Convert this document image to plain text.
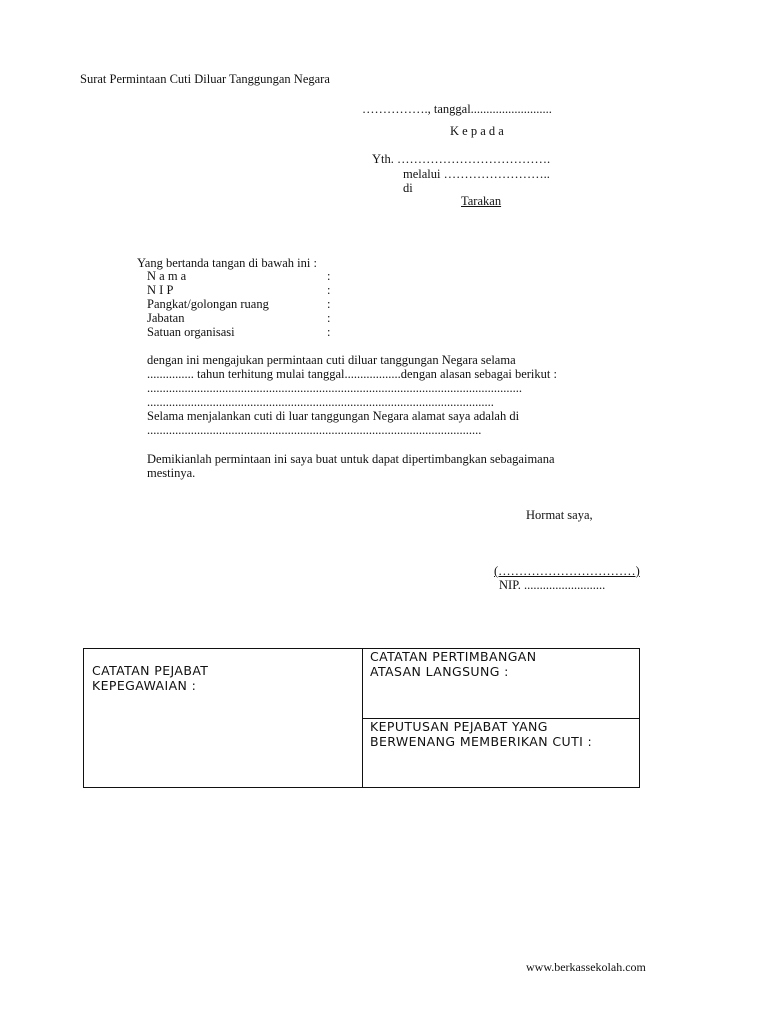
Surat Permintaan Cuti Diluar Tanggungan Negara
……………., tanggal..........................
K e p a d a
Yth. ……………………………….
melalui ……………………..
di
Tarakan
Yang bertanda tangan di bawah ini :
N a m a	:
N I P	:
Pangkat/golongan ruang	:
Jabatan	:
Satuan organisasi	:
dengan ini mengajukan permintaan cuti diluar tanggungan Negara selama
............... tahun terhitung mulai tanggal..................dengan alasan sebagai berikut :
........................................................................................................................
...............................................................................................................
Selama menjalankan cuti di luar tanggungan Negara alamat saya adalah di
...........................................................................................................
Demikianlah permintaan ini saya buat untuk dapat dipertimbangkan sebagaimana
mestinya.
Hormat saya,
(……………………………)
NIP. ..........................
CATATAN PEJABAT
KEPEGAWAIAN :
CATATAN PERTIMBANGAN
ATASAN LANGSUNG :
KEPUTUSAN PEJABAT YANG
BERWENANG MEMBERIKAN CUTI :
www.berkassekolah.com
